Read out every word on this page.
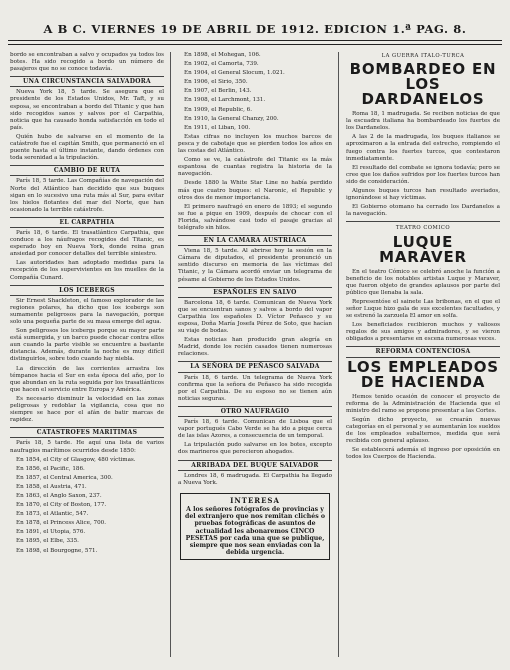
A B C. VIERNES 19 DE ABRIL DE 1912. EDICION 1.ª PAG. 8.

bordo se encontraban a salvo y ocupados ya todos los botes. Ha sido recogido a bordo un número de pasajeros que no se conoce todavía.

UNA CIRCUNSTANCIA SALVADORA

Nueva York 18, 5 tarde. Se asegura que el presidente de los Estados Unidos, Mr. Taft, y su esposa, se encontraban a bordo del Titanic y que han sido recogidos sanos y salvos por el Carpathia, noticia que ha causado honda satisfacción en todo el país.

Quién hubo de salvarse en el momento de la catástrofe fue el capitán Smith, que permaneció en el puente hasta el último instante, dando órdenes con toda serenidad a la tripulación.

CAMBIO DE RUTA

París 18, 5 tarde. Las Compañías de navegación del Norte del Atlántico han decidido que sus buques sigan en lo sucesivo una ruta más al Sur, para evitar los hielos flotantes del mar del Norte, que han ocasionado la terrible catástrofe.

EL CARPATHIA

París 18, 6 tarde. El trasatlántico Carpathia, que conduce a los náufragos recogidos del Titanic, es esperado hoy en Nueva York, donde reina gran ansiedad por conocer detalles del terrible siniestro.

Las autoridades han adoptado medidas para la recepción de los supervivientes en los muelles de la Compañía Cunard.

LOS ICEBERGS

Sir Ernest Shackleton, el famoso explorador de las regiones polares, ha dicho que los icebergs son sumamente peligrosos para la navegación, porque solo una pequeña parte de su masa emerge del agua.

Son peligrosos los icebergs porque su mayor parte está sumergida, y un barco puede chocar contra ellos aun cuando la parte visible se encuentre a bastante distancia. Además, durante la noche es muy difícil distinguirlos, sobre todo cuando hay niebla.

La dirección de las corrientes arrastra los témpanos hacia el Sur en esta época del año, por lo que abundan en la ruta seguida por los trasatlánticos que hacen el servicio entre Europa y América.

Es necesario disminuir la velocidad en las zonas peligrosas y redoblar la vigilancia, cosa que no siempre se hace por el afán de batir marcas de rapidez.

CATASTROFES MARITIMAS

París 18, 5 tarde. He aquí una lista de varios naufragios marítimos ocurridos desde 1850:

En 1854, el City of Glasgow, 480 víctimas.

En 1856, el Pacific, 186.

En 1857, el Central America, 300.

En 1858, el Austria, 471.

En 1863, el Anglo Saxon, 237.

En 1870, el City of Boston, 177.

En 1873, el Atlantic, 547.

En 1878, el Princess Alice, 700.

En 1891, el Utopia, 576.

En 1895, el Elbe, 335.

En 1898, el Bourgogne, 571.

En 1898, el Mohegan, 106.

En 1902, el Camorta, 739.

En 1904, el General Slocum, 1.021.

En 1906, el Sirio, 350.

En 1907, el Berlin, 143.

En 1908, el Larchmont, 131.

En 1909, el Republic, 6.

En 1910, la General Chanzy, 200.

En 1911, el Liban, 100.

Estas cifras no incluyen los muchos barcos de pesca y de cabotaje que se pierden todos los años en las costas del Atlántico.

Como se ve, la catástrofe del Titanic es la más espantosa de cuantas registra la historia de la navegación.

Desde 1880 la White Star Line no había perdido más que cuatro buques: el Naronic, el Republic y otros dos de menor importancia.

El primero naufragó en enero de 1893; el segundo se fue a pique en 1909, después de chocar con el Florida, salvándose casi todo el pasaje gracias al telégrafo sin hilos.

EN LA CAMARA AUSTRIACA

Viena 18, 5 tarde. Al abrirse hoy la sesión en la Cámara de diputados, el presidente pronunció un sentido discurso en memoria de las víctimas del Titanic, y la Cámara acordó enviar un telegrama de pésame al Gobierno de los Estados Unidos.

ESPAÑOLES EN SALVO

Barcelona 18, 6 tarde. Comunican de Nueva York que se encuentran sanos y salvos a bordo del vapor Carpathia los españoles D. Víctor Peñasco y su esposa, Doña María Josefa Pérez de Soto, que hacían su viaje de bodas.

Estas noticias han producido gran alegría en Madrid, donde los recién casados tienen numerosas relaciones.

LA SEÑORA DE PEÑASCO SALVADA

París 18, 6 tarde. Un telegrama de Nueva York confirma que la señora de Peñasco ha sido recogida por el Carpathia. De su esposo no se tienen aún noticias seguras.

OTRO NAUFRAGIO

París 18, 6 tarde. Comunican de Lisboa que el vapor portugués Cabo Verde se ha ido a pique cerca de las islas Azores, a consecuencia de un temporal.

La tripulación pudo salvarse en los botes, excepto dos marineros que perecieron ahogados.

ARRIBADA DEL BUQUE SALVADOR

Londres 18, 6 madrugada. El Carpathia ha llegado a Nueva York.

INTERESA
A los señores fotógrafos de provincias y del extranjero que nos remitan clichés o pruebas fotográficas de asuntos de actualidad les abonaremos CINCO PESETAS por cada una que se publique, siempre que nos sean enviadas con la debida urgencia.
LA GUERRA ITALO-TURCA
BOMBARDEO EN LOS DARDANELOS

Roma 18, 1 madrugada. Se reciben noticias de que la escuadra italiana ha bombardeado los fuertes de los Dardanelos.

A las 2 de la madrugada, los buques italianos se aproximaron a la entrada del estrecho, rompiendo el fuego contra los fuertes turcos, que contestaron inmediatamente.

El resultado del combate se ignora todavía; pero se cree que los daños sufridos por los fuertes turcos han sido de consideración.

Algunos buques turcos han resultado averiados, ignorándose si hay víctimas.

El Gobierno otomano ha cerrado los Dardanelos a la navegación.

TEATRO COMICO
LUQUE MARAVER

En el teatro Cómico se celebró anoche la función a beneficio de los notables artistas Luque y Maraver, que fueron objeto de grandes aplausos por parte del público que llenaba la sala.

Representóse el sainete Las bribonas, en el que el señor Luque hizo gala de sus excelentes facultades, y se estrenó la zarzuela El amor en solfa.

Los beneficiados recibieron muchos y valiosos regalos de sus amigos y admiradores, y se vieron obligados a presentarse en escena numerosas veces.

REFORMA CONTENCIOSA
LOS EMPLEADOS DE HACIENDA

Hemos tenido ocasión de conocer el proyecto de reforma de la Administración de Hacienda que el ministro del ramo se propone presentar a las Cortes.

Según dicho proyecto, se crearán nuevas categorías en el personal y se aumentarán los sueldos de los empleados subalternos, medida que será recibida con general aplauso.

Se establecerá además el ingreso por oposición en todos los Cuerpos de Hacienda.
